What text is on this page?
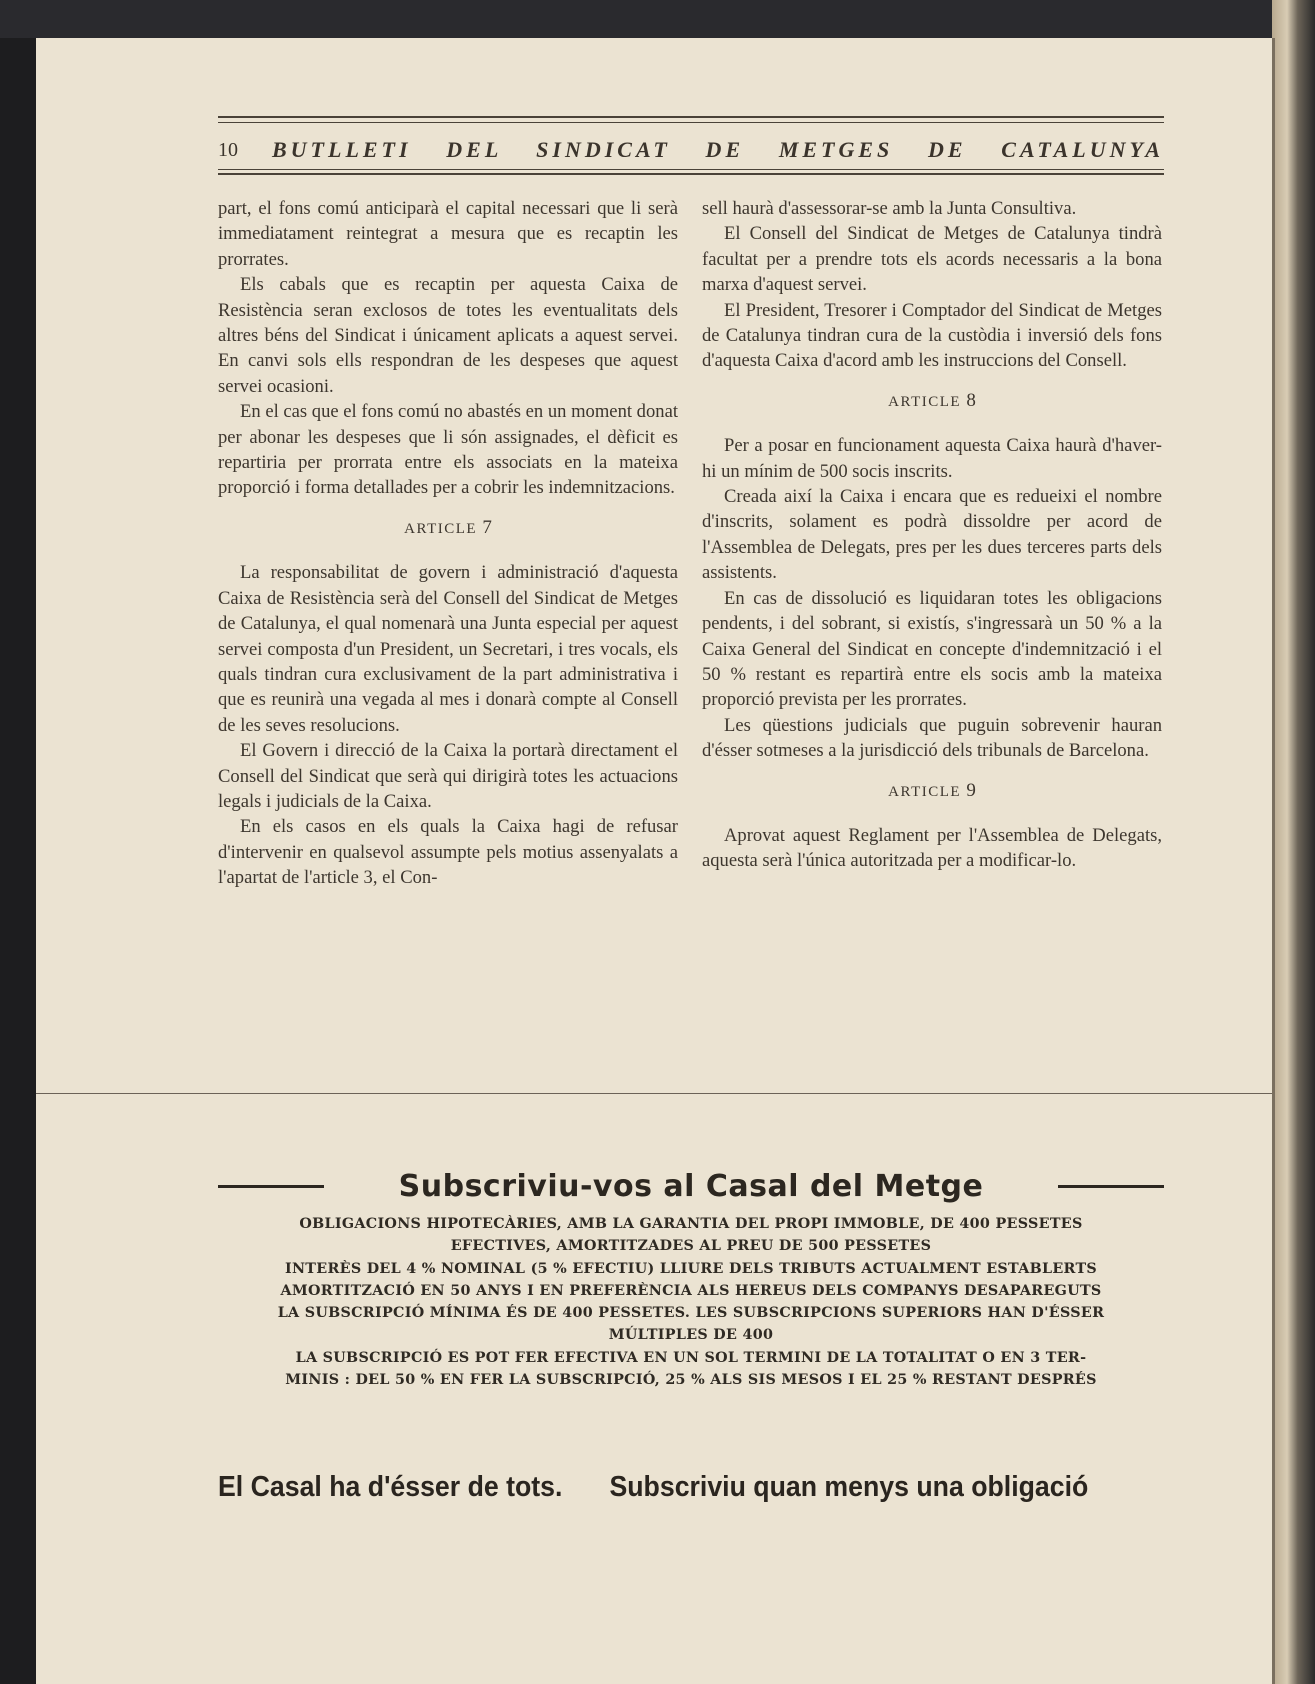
10	BUTLLETI DEL SINDICAT DE METGES DE CATALUNYA

part, el fons comú anticiparà el capital necessari que li serà immediatament reintegrat a mesura que es recaptin les prorrates.

Els cabals que es recaptin per aquesta Caixa de Resistència seran exclosos de totes les eventualitats dels altres béns del Sindicat i únicament aplicats a aquest servei. En canvi sols ells respondran de les despeses que aquest servei ocasioni.

En el cas que el fons comú no abastés en un moment donat per abonar les despeses que li són assignades, el dèficit es repartiria per prorrata entre els associats en la mateixa proporció i forma detallades per a cobrir les indemnitzacions.

ARTICLE 7

La responsabilitat de govern i administració d'aquesta Caixa de Resistència serà del Consell del Sindicat de Metges de Catalunya, el qual nomenarà una Junta especial per aquest servei composta d'un President, un Secretari, i tres vocals, els quals tindran cura exclusivament de la part administrativa i que es reunirà una vegada al mes i donarà compte al Consell de les seves resolucions.

El Govern i direcció de la Caixa la portarà directament el Consell del Sindicat que serà qui dirigirà totes les actuacions legals i judicials de la Caixa.

En els casos en els quals la Caixa hagi de refusar d'intervenir en qualsevol assumpte pels motius assenyalats a l'apartat de l'article 3, el Con-

sell haurà d'assessorar-se amb la Junta Consultiva.

El Consell del Sindicat de Metges de Catalunya tindrà facultat per a prendre tots els acords necessaris a la bona marxa d'aquest servei.

El President, Tresorer i Comptador del Sindicat de Metges de Catalunya tindran cura de la custòdia i inversió dels fons d'aquesta Caixa d'acord amb les instruccions del Consell.

ARTICLE 8

Per a posar en funcionament aquesta Caixa haurà d'haver-hi un mínim de 500 socis inscrits.

Creada així la Caixa i encara que es redueixi el nombre d'inscrits, solament es podrà dissoldre per acord de l'Assemblea de Delegats, pres per les dues terceres parts dels assistents.

En cas de dissolució es liquidaran totes les obligacions pendents, i del sobrant, si existís, s'ingressarà un 50 % a la Caixa General del Sindicat en concepte d'indemnització i el 50 % restant es repartirà entre els socis amb la mateixa proporció prevista per les prorrates.

Les qüestions judicials que puguin sobrevenir hauran d'ésser sotmeses a la jurisdicció dels tribunals de Barcelona.

ARTICLE 9

Aprovat aquest Reglament per l'Assemblea de Delegats, aquesta serà l'única autoritzada per a modificar-lo.

Subscriviu-vos al Casal del Metge
OBLIGACIONS HIPOTECÀRIES, AMB LA GARANTIA DEL PROPI IMMOBLE, DE 400 PESSETES
EFECTIVES, AMORTITZADES AL PREU DE 500 PESSETES
INTERÈS DEL 4 % NOMINAL (5 % EFECTIU) LLIURE DELS TRIBUTS ACTUALMENT ESTABLERTS
AMORTITZACIÓ EN 50 ANYS I EN PREFERÈNCIA ALS HEREUS DELS COMPANYS DESAPAREGUTS
LA SUBSCRIPCIÓ MÍNIMA ÉS DE 400 PESSETES. LES SUBSCRIPCIONS SUPERIORS HAN D'ÉSSER
MÚLTIPLES DE 400
LA SUBSCRIPCIÓ ES POT FER EFECTIVA EN UN SOL TERMINI DE LA TOTALITAT O EN 3 TER-
MINIS : DEL 50 % EN FER LA SUBSCRIPCIÓ, 25 % ALS SIS MESOS I EL 25 % RESTANT DESPRÉS
El Casal ha d'ésser de tots. Subscriviu quan menys una obligació
